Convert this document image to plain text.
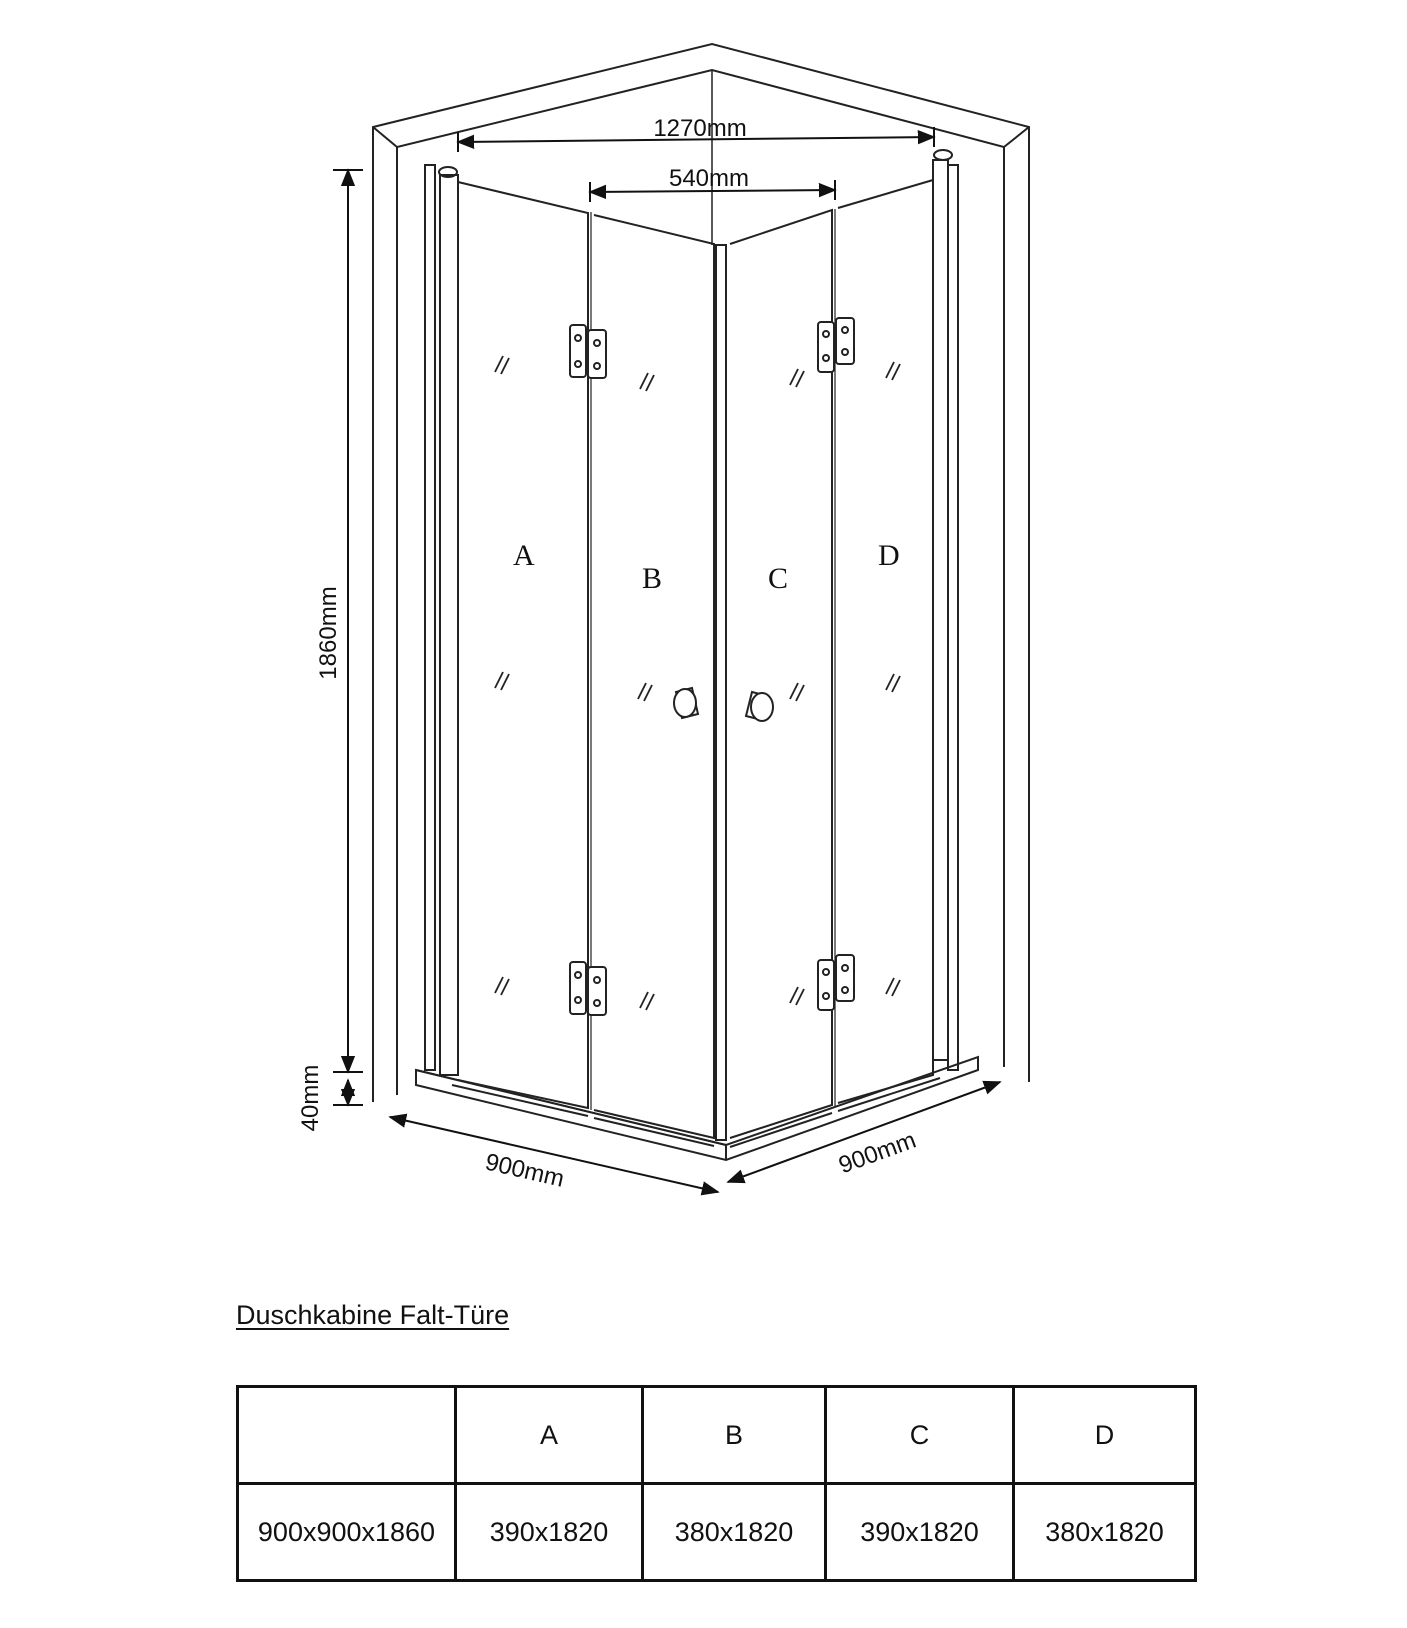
A
B	C
D
1270mm
540mm
1860mm
40mm
900mm	900mm
Duschkabine Falt-Türe
	A	B	C	D
900x900x1860	390x1820	380x1820	390x1820	380x1820
